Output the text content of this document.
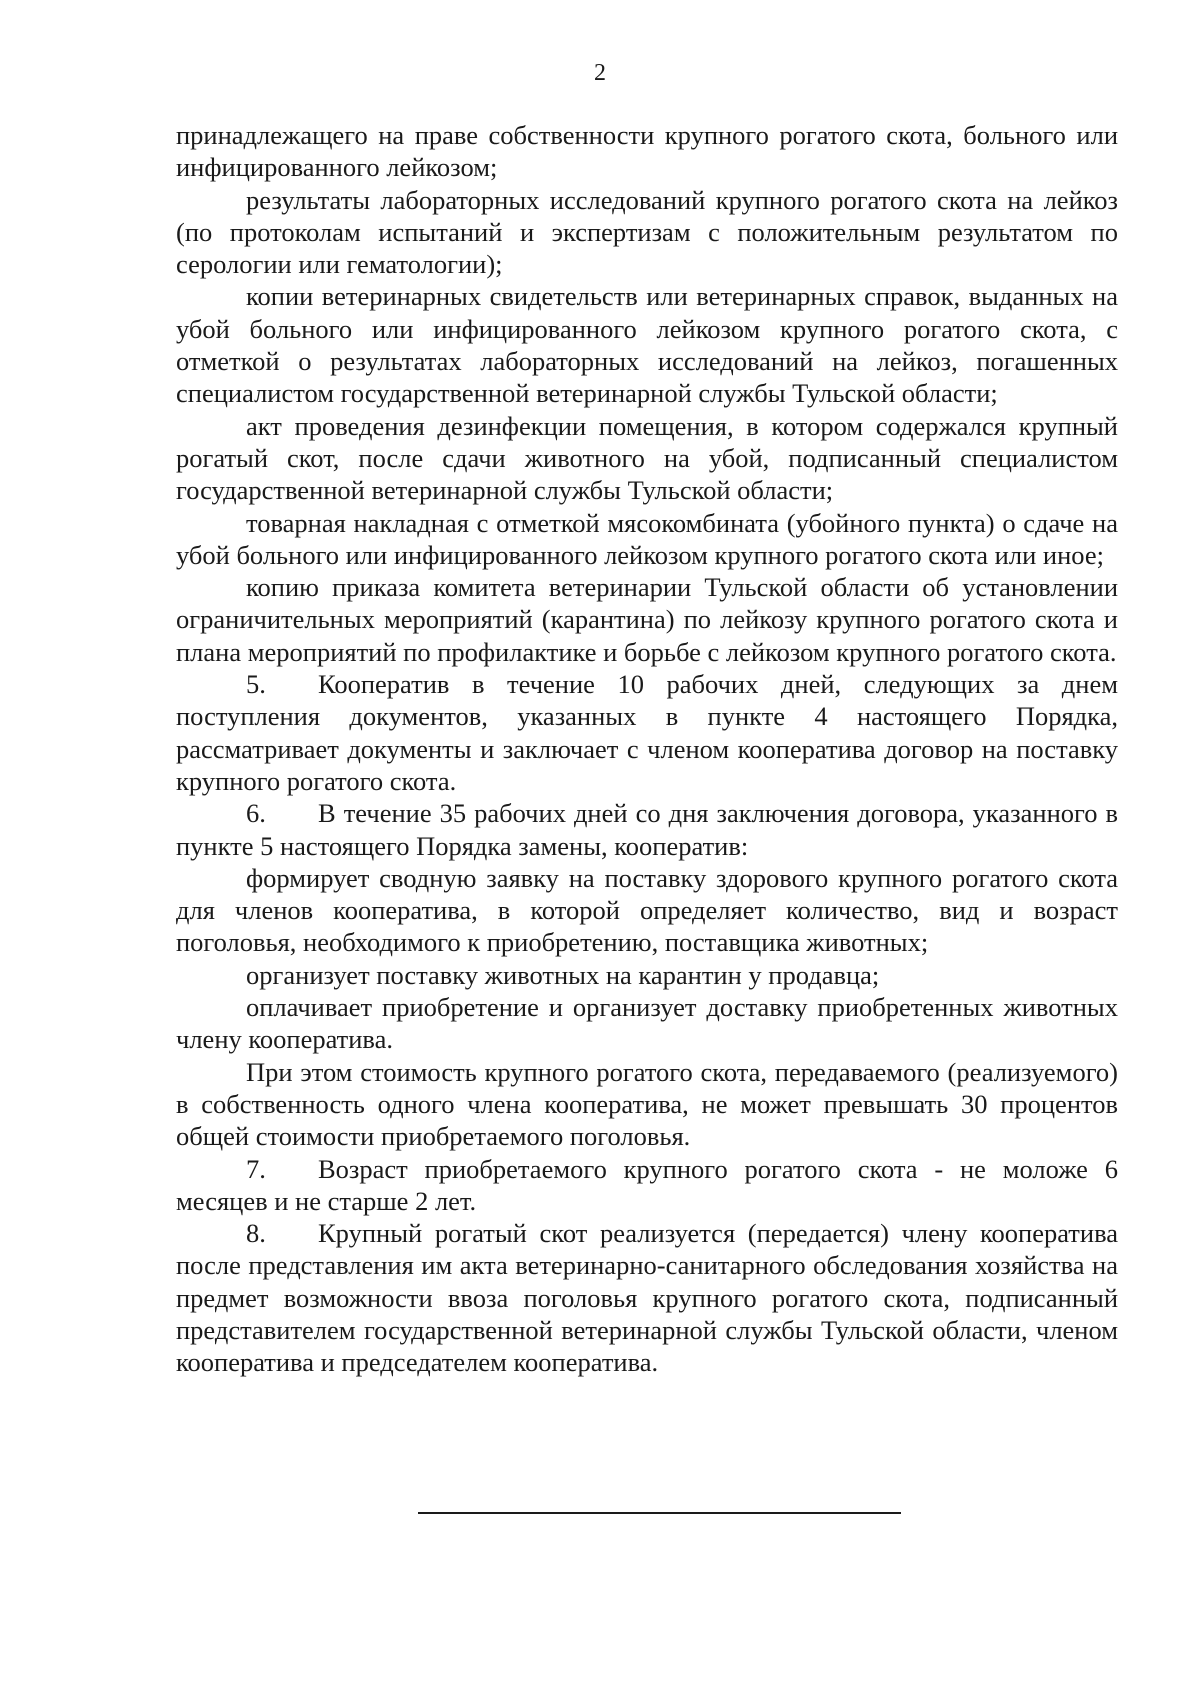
2

принадлежащего на праве собственности крупного рогатого скота, больного или инфицированного лейкозом;

результаты лабораторных исследований крупного рогатого скота на лейкоз (по протоколам испытаний и экспертизам с положительным результатом по серологии или гематологии);

копии ветеринарных свидетельств или ветеринарных справок, выданных на убой больного или инфицированного лейкозом крупного рогатого скота, с отметкой о результатах лабораторных исследований на лейкоз, погашенных специалистом государственной ветеринарной службы Тульской области;

акт проведения дезинфекции помещения, в котором содержался крупный рогатый скот, после сдачи животного на убой, подписанный специалистом государственной ветеринарной службы Тульской области;

товарная накладная с отметкой мясокомбината (убойного пункта) о сдаче на убой больного или инфицированного лейкозом крупного рогатого скота или иное;

копию приказа комитета ветеринарии Тульской области об установлении ограничительных мероприятий (карантина) по лейкозу крупного рогатого скота и плана мероприятий по профилактике и борьбе с лейкозом крупного рогатого скота.

5. Кооператив в течение 10 рабочих дней, следующих за днем поступления документов, указанных в пункте 4 настоящего Порядка, рассматривает документы и заключает с членом кооператива договор на поставку крупного рогатого скота.

6. В течение 35 рабочих дней со дня заключения договора, указанного в пункте 5 настоящего Порядка замены, кооператив:

формирует сводную заявку на поставку здорового крупного рогатого скота для членов кооператива, в которой определяет количество, вид и возраст поголовья, необходимого к приобретению, поставщика животных;

организует поставку животных на карантин у продавца;

оплачивает приобретение и организует доставку приобретенных животных члену кооператива.

При этом стоимость крупного рогатого скота, передаваемого (реализуемого) в собственность одного члена кооператива, не может превышать 30 процентов общей стоимости приобретаемого поголовья.

7. Возраст приобретаемого крупного рогатого скота - не моложе 6 месяцев и не старше 2 лет.

8. Крупный рогатый скот реализуется (передается) члену кооператива после представления им акта ветеринарно-санитарного обследования хозяйства на предмет возможности ввоза поголовья крупного рогатого скота, подписанный представителем государственной ветеринарной службы Тульской области, членом кооператива и председателем кооператива.
